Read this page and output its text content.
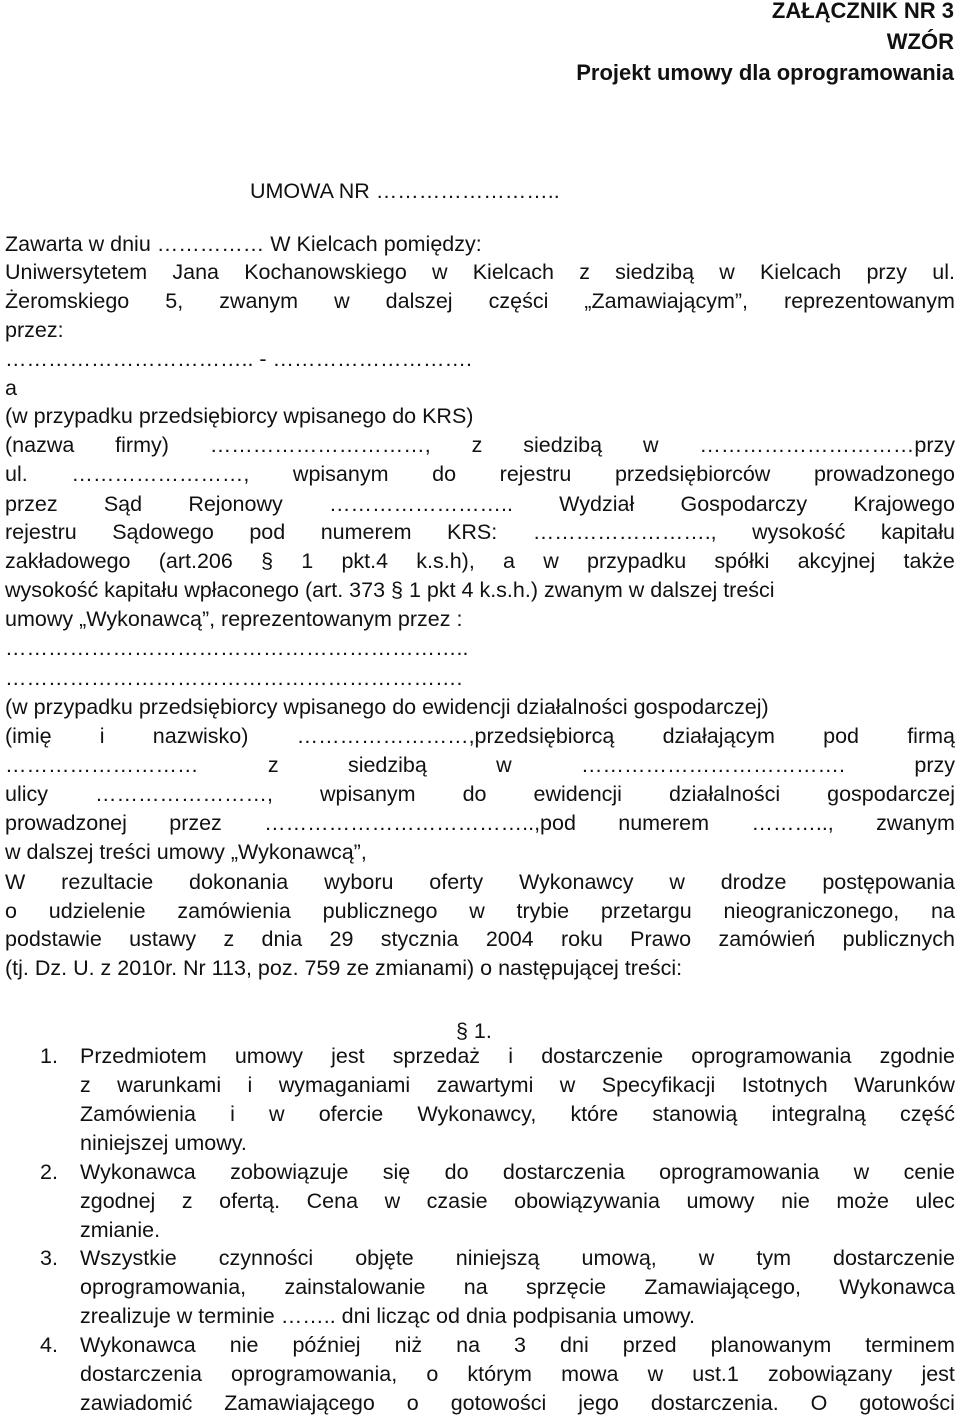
ZAŁĄCZNIK NR 3
WZÓR
Projekt umowy dla oprogramowania
UMOWA NR ……………………..
Zawarta w dniu …………… W Kielcach pomiędzy:
Uniwersytetem Jana Kochanowskiego w Kielcach z siedzibą w Kielcach przy ul.
Żeromskiego 5, zwanym w dalszej części „Zamawiającym”, reprezentowanym
przez:
…………………………….. - ……………………….
a
(w przypadku przedsiębiorcy wpisanego do KRS)
(nazwa firmy) …………………………, z siedzibą w …………………………przy
ul. ……………………, wpisanym do rejestru przedsiębiorców prowadzonego
przez Sąd Rejonowy …………………….. Wydział Gospodarczy Krajowego
rejestru Sądowego pod numerem KRS: ……………………., wysokość kapitału
zakładowego (art.206 § 1 pkt.4 k.s.h), a w przypadku spółki akcyjnej także
wysokość kapitału wpłaconego (art. 373 § 1 pkt 4 k.s.h.) zwanym w dalszej treści
umowy „Wykonawcą”, reprezentowanym przez :
………………………………………………………..
……………………………………………………….
(w przypadku przedsiębiorcy wpisanego do ewidencji działalności gospodarczej)
(imię i nazwisko) ……………………,przedsiębiorcą działającym pod firmą
………………………	z	siedzibą	w	……………………………….	przy
ulicy ……………………, wpisanym do ewidencji działalności gospodarczej
prowadzonej przez ………………………………..,pod numerem ……….., zwanym
w dalszej treści umowy „Wykonawcą”,
W rezultacie dokonania wyboru oferty Wykonawcy w drodze postępowania
o udzielenie zamówienia publicznego w trybie przetargu nieograniczonego, na
podstawie ustawy z dnia 29 stycznia 2004 roku Prawo zamówień publicznych
(tj. Dz. U. z 2010r. Nr 113, poz. 759 ze zmianami) o następującej treści:
§ 1.
1. Przedmiotem umowy jest sprzedaż i dostarczenie oprogramowania zgodnie
z warunkami i wymaganiami zawartymi w Specyfikacji Istotnych Warunków
Zamówienia i w ofercie Wykonawcy, które stanowią integralną część
niniejszej umowy.
2. Wykonawca zobowiązuje się do dostarczenia oprogramowania w cenie
zgodnej z ofertą. Cena w czasie obowiązywania umowy nie może ulec
zmianie.
3. Wszystkie czynności objęte niniejszą umową, w tym dostarczenie
oprogramowania, zainstalowanie na sprzęcie Zamawiającego, Wykonawca
zrealizuje w terminie …….. dni licząc od dnia podpisania umowy.
4. Wykonawca nie później niż na 3 dni przed planowanym terminem
dostarczenia oprogramowania, o którym mowa w ust.1 zobowiązany jest
zawiadomić Zamawiającego o gotowości jego dostarczenia. O gotowości
